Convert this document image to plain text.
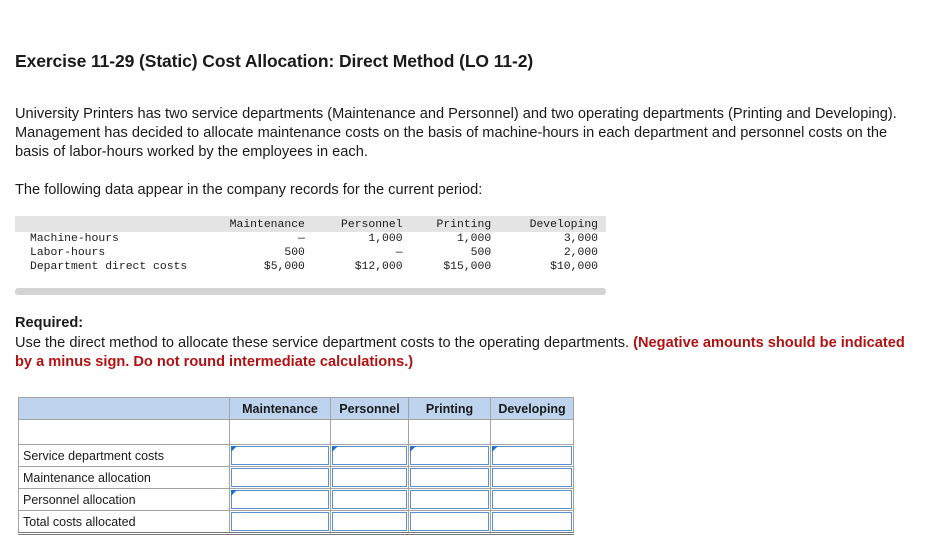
Exercise 11-29 (Static) Cost Allocation: Direct Method (LO 11-2)

University Printers has two service departments (Maintenance and Personnel) and two operating departments (Printing and Developing). Management has decided to allocate maintenance costs on the basis of machine-hours in each department and personnel costs on the basis of labor-hours worked by the employees in each.

The following data appear in the company records for the current period:

	Maintenance	Personnel	Printing	Developing
Machine-hours	—	1,000	1,000	3,000
Labor-hours	500	—	500	2,000
Department direct costs	$5,000	$12,000	$15,000	$10,000

Required:

Use the direct method to allocate these service department costs to the operating departments. (Negative amounts should be indicated by a minus sign. Do not round intermediate calculations.)

	Maintenance	Personnel	Printing	Developing

Service department costs	

Maintenance allocation	

Personnel allocation	

Total costs allocated	
